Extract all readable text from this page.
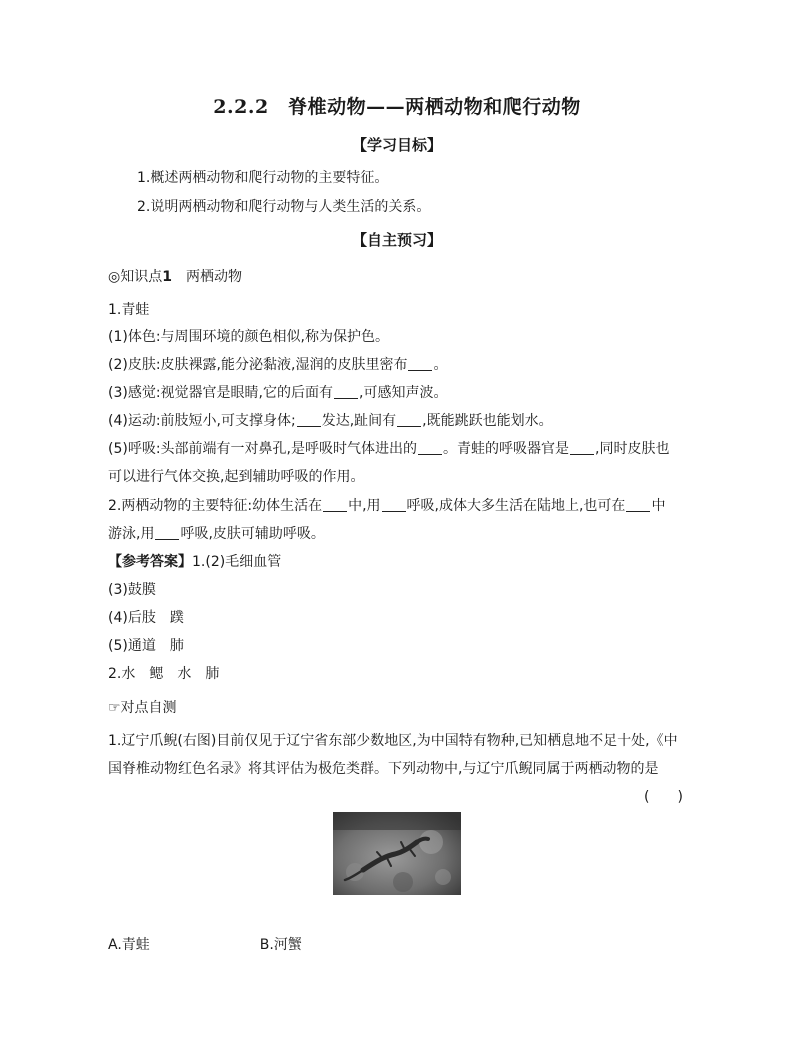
2.2.2　脊椎动物——两栖动物和爬行动物
【学习目标】
1.概述两栖动物和爬行动物的主要特征。
2.说明两栖动物和爬行动物与人类生活的关系。
【自主预习】
◎知识点1 两栖动物
1.青蛙
(1)体色:与周围环境的颜色相似,称为保护色。
(2)皮肤:皮肤裸露,能分泌黏液,湿润的皮肤里密布 。
(3)感觉:视觉器官是眼睛,它的后面有 ,可感知声波。
(4)运动:前肢短小,可支撑身体; 发达,趾间有 ,既能跳跃也能划水。
(5)呼吸:头部前端有一对鼻孔,是呼吸时气体进出的 。青蛙的呼吸器官是 ,同时皮肤也
可以进行气体交换,起到辅助呼吸的作用。
2.两栖动物的主要特征:幼体生活在 中,用 呼吸,成体大多生活在陆地上,也可在 中
游泳,用 呼吸,皮肤可辅助呼吸。
【参考答案】1.(2)毛细血管
(3)鼓膜
(4)后肢　蹼
(5)通道　肺
2.水　鳃　水　肺
☞对点自测
1.辽宁爪鲵(右图)目前仅见于辽宁省东部少数地区,为中国特有物种,已知栖息地不足十处,《中
国脊椎动物红色名录》将其评估为极危类群。下列动物中,与辽宁爪鲵同属于两栖动物的是
(　　)
A.青蛙	B.河蟹
